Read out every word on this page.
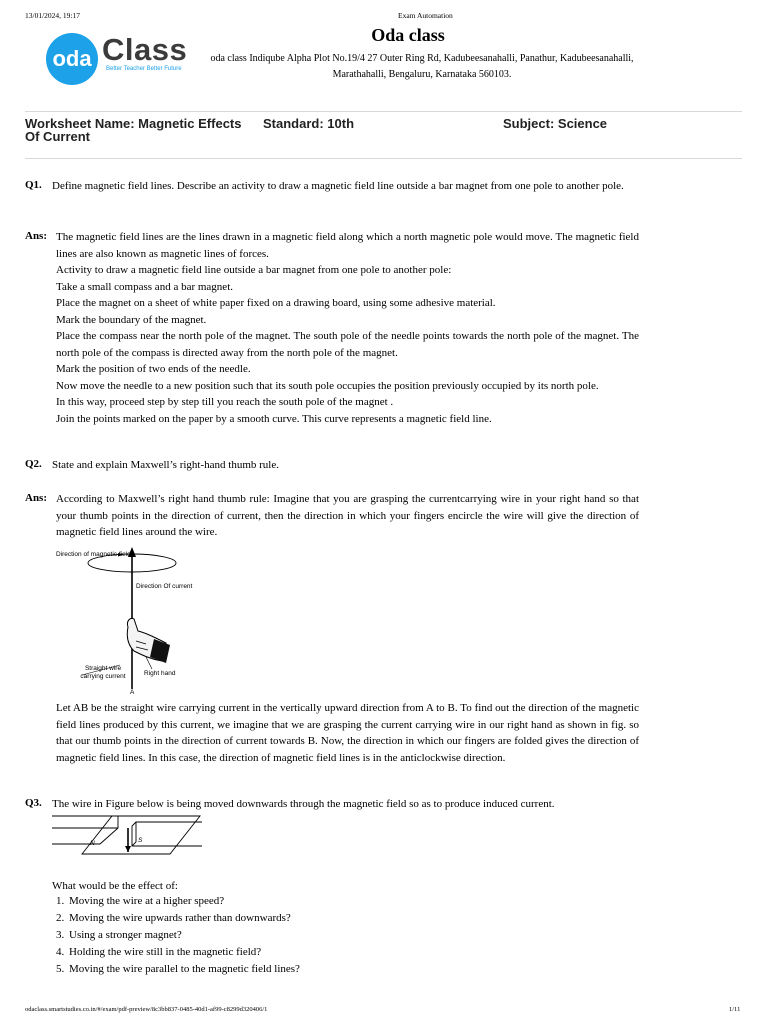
13/01/2024, 19:17	Exam Automation
oda Class
Better Teacher Better Future
Oda class
oda class Indiqube Alpha Plot No.19/4 27 Outer Ring Rd, Kadubeesanahalli, Panathur, Kadubeesanahalli, Marathahalli, Bengaluru, Karnataka 560103.
Worksheet Name: Magnetic Effects
Of Current
Standard: 10th	Subject: Science
Q1. Define magnetic field lines. Describe an activity to draw a magnetic field line outside a bar magnet from one pole to another pole.
Ans: The magnetic field lines are the lines drawn in a magnetic field along which a north magnetic pole would move. The magnetic field lines are also known as magnetic lines of forces.
Activity to draw a magnetic field line outside a bar magnet from one pole to another pole:
Take a small compass and a bar magnet.
Place the magnet on a sheet of white paper fixed on a drawing board, using some adhesive material.
Mark the boundary of the magnet.
Place the compass near the north pole of the magnet. The south pole of the needle points towards the north pole of the magnet. The north pole of the compass is directed away from the north pole of the magnet.
Mark the position of two ends of the needle.
Now move the needle to a new position such that its south pole occupies the position previously occupied by its north pole.
In this way, proceed step by step till you reach the south pole of the magnet .
Join the points marked on the paper by a smooth curve. This curve represents a magnetic field line.
Q2. State and explain Maxwell’s right-hand thumb rule.
Ans: According to Maxwell’s right hand thumb rule: Imagine that you are grasping the currentcarrying wire in your right hand so that your thumb points in the direction of current, then the direction in which your fingers encircle the wire will give the direction of magnetic field lines around the wire.
Direction of magnetic field
Direction Of current
Straight wire carrying current	Right hand
A
Let AB be the straight wire carrying current in the vertically upward direction from A to B. To find out the direction of the magnetic field lines produced by this current, we imagine that we are grasping the current carrying wire in our right hand as shown in fig. so that our thumb points in the direction of current towards B. Now, the direction in which our fingers are folded gives the direction of magnetic field lines. In this case, the direction of magnetic field lines is in the anticlockwise direction.
Q3. The wire in Figure below is being moved downwards through the magnetic field so as to produce induced current.
N	S
What would be the effect of:
1. Moving the wire at a higher speed?
2. Moving the wire upwards rather than downwards?
3. Using a stronger magnet?
4. Holding the wire still in the magnetic field?
5. Moving the wire parallel to the magnetic field lines?
odaclass.smartstudies.co.in/#/exam/pdf-preview/8c3bb837-0485-40d1-af99-c8299d320406/1	1/11
